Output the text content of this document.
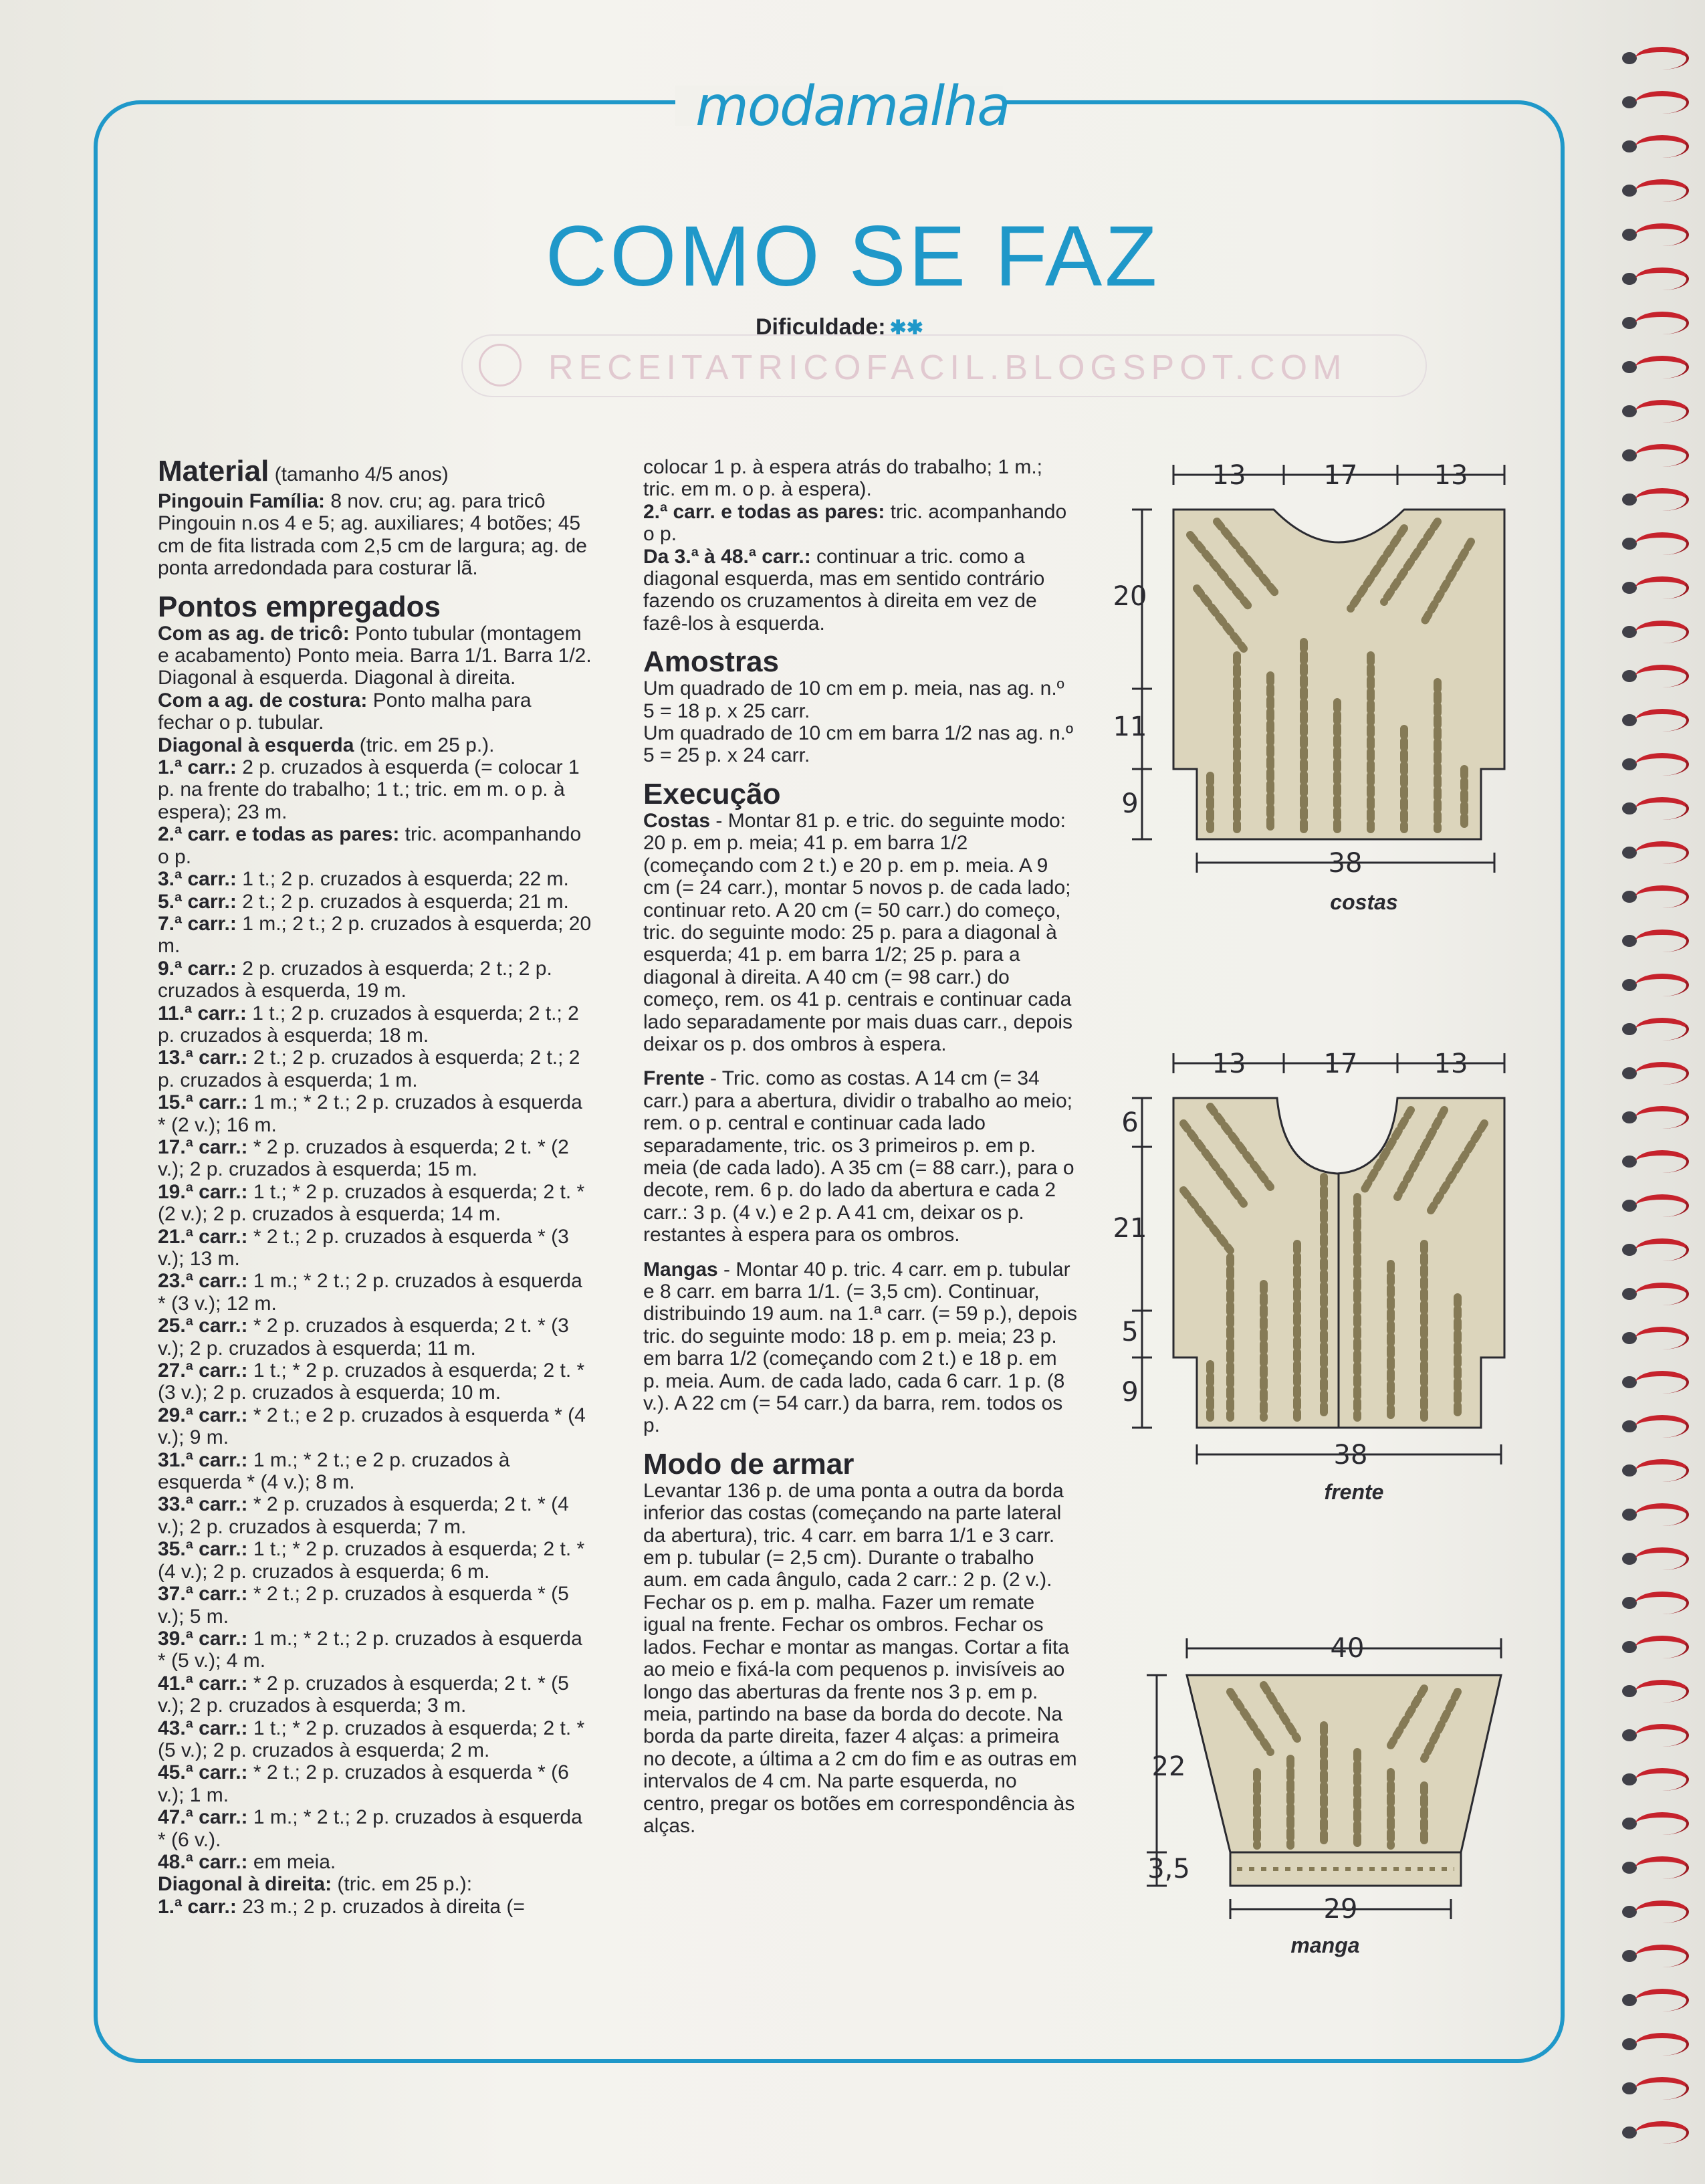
modamalha
COMO SE FAZ
Dificuldade: ✱✱
RECEITATRICOFACIL.BLOGSPOT.COM

Material (tamanho 4/5 anos)

Pingouin Família: 8 nov. cru; ag. para tricô Pingouin n.os 4 e 5; ag. auxiliares; 4 botões; 45 cm de fita listrada com 2,5 cm de largura; ag. de ponta arredondada para costurar lã.

Pontos empregados

Com as ag. de tricô: Ponto tubular (montagem e acabamento) Ponto meia. Barra 1/1. Barra 1/2. Diagonal à esquerda. Diagonal à direita.

Com a ag. de costura: Ponto malha para fechar o p. tubular.

Diagonal à esquerda (tric. em 25 p.).

1.ª carr.: 2 p. cruzados à esquerda (= colocar 1 p. na frente do trabalho; 1 t.; tric. em m. o p. à espera); 23 m.

2.ª carr. e todas as pares: tric. acompanhando o p.

3.ª carr.: 1 t.; 2 p. cruzados à esquerda; 22 m.

5.ª carr.: 2 t.; 2 p. cruzados à esquerda; 21 m.

7.ª carr.: 1 m.; 2 t.; 2 p. cruzados à esquerda; 20 m.

9.ª carr.: 2 p. cruzados à esquerda; 2 t.; 2 p. cruzados à esquerda, 19 m.

11.ª carr.: 1 t.; 2 p. cruzados à esquerda; 2 t.; 2 p. cruzados à esquerda; 18 m.

13.ª carr.: 2 t.; 2 p. cruzados à esquerda; 2 t.; 2 p. cruzados à esquerda; 1 m.

15.ª carr.: 1 m.; * 2 t.; 2 p. cruzados à esquerda * (2 v.); 16 m.

17.ª carr.: * 2 p. cruzados à esquerda; 2 t. * (2 v.); 2 p. cruzados à esquerda; 15 m.

19.ª carr.: 1 t.; * 2 p. cruzados à esquerda; 2 t. * (2 v.); 2 p. cruzados à esquerda; 14 m.

21.ª carr.: * 2 t.; 2 p. cruzados à esquerda * (3 v.); 13 m.

23.ª carr.: 1 m.; * 2 t.; 2 p. cruzados à esquerda * (3 v.); 12 m.

25.ª carr.: * 2 p. cruzados à esquerda; 2 t. * (3 v.); 2 p. cruzados à esquerda; 11 m.

27.ª carr.: 1 t.; * 2 p. cruzados à esquerda; 2 t. * (3 v.); 2 p. cruzados à esquerda; 10 m.

29.ª carr.: * 2 t.; e 2 p. cruzados à esquerda * (4 v.); 9 m.

31.ª carr.: 1 m.; * 2 t.; e 2 p. cruzados à esquerda * (4 v.); 8 m.

33.ª carr.: * 2 p. cruzados à esquerda; 2 t. * (4 v.); 2 p. cruzados à esquerda; 7 m.

35.ª carr.: 1 t.; * 2 p. cruzados à esquerda; 2 t. * (4 v.); 2 p. cruzados à esquerda; 6 m.

37.ª carr.: * 2 t.; 2 p. cruzados à esquerda * (5 v.); 5 m.

39.ª carr.: 1 m.; * 2 t.; 2 p. cruzados à esquerda * (5 v.); 4 m.

41.ª carr.: * 2 p. cruzados à esquerda; 2 t. * (5 v.); 2 p. cruzados à esquerda; 3 m.

43.ª carr.: 1 t.; * 2 p. cruzados à esquerda; 2 t. * (5 v.); 2 p. cruzados à esquerda; 2 m.

45.ª carr.: * 2 t.; 2 p. cruzados à esquerda * (6 v.); 1 m.

47.ª carr.: 1 m.; * 2 t.; 2 p. cruzados à esquerda * (6 v.).

48.ª carr.: em meia.

Diagonal à direita: (tric. em 25 p.):

1.ª carr.: 23 m.; 2 p. cruzados à direita (=

colocar 1 p. à espera atrás do trabalho; 1 m.; tric. em m. o p. à espera).

2.ª carr. e todas as pares: tric. acompanhando o p.

Da 3.ª à 48.ª carr.: continuar a tric. como a diagonal esquerda, mas em sentido contrário fazendo os cruzamentos à direita em vez de fazê-los à esquerda.

Amostras

Um quadrado de 10 cm em p. meia, nas ag. n.º 5 = 18 p. x 25 carr.

Um quadrado de 10 cm em barra 1/2 nas ag. n.º 5 = 25 p. x 24 carr.

Execução

Costas - Montar 81 p. e tric. do seguinte modo: 20 p. em p. meia; 41 p. em barra 1/2 (começando com 2 t.) e 20 p. em p. meia. A 9 cm (= 24 carr.), montar 5 novos p. de cada lado; continuar reto. A 20 cm (= 50 carr.) do começo, tric. do seguinte modo: 25 p. para a diagonal à esquerda; 41 p. em barra 1/2; 25 p. para a diagonal à direita. A 40 cm (= 98 carr.) do começo, rem. os 41 p. centrais e continuar cada lado separadamente por mais duas carr., depois deixar os p. dos ombros à espera.

Frente - Tric. como as costas. A 14 cm (= 34 carr.) para a abertura, dividir o trabalho ao meio; rem. o p. central e continuar cada lado separadamente, tric. os 3 primeiros p. em p. meia (de cada lado). A 35 cm (= 88 carr.), para o decote, rem. 6 p. do lado da abertura e cada 2 carr.: 3 p. (4 v.) e 2 p. A 41 cm, deixar os p. restantes à espera para os ombros.

Mangas - Montar 40 p. tric. 4 carr. em p. tubular e 8 carr. em barra 1/1. (= 3,5 cm). Continuar, distribuindo 19 aum. na 1.ª carr. (= 59 p.), depois tric. do seguinte modo: 18 p. em p. meia; 23 p. em barra 1/2 (começando com 2 t.) e 18 p. em p. meia. Aum. de cada lado, cada 6 carr. 1 p. (8 v.). A 22 cm (= 54 carr.) da barra, rem. todos os p.

Modo de armar

Levantar 136 p. de uma ponta a outra da borda inferior das costas (começando na parte lateral da abertura), tric. 4 carr. em barra 1/1 e 3 carr. em p. tubular (= 2,5 cm). Durante o trabalho aum. em cada ângulo, cada 2 carr.: 2 p. (2 v.). Fechar os p. em p. malha. Fazer um remate igual na frente. Fechar os ombros. Fechar os lados. Fechar e montar as mangas. Cortar a fita ao meio e fixá-la com pequenos p. invisíveis ao longo das aberturas da frente nos 3 p. em p. meia, partindo na base da borda do decote. Na borda da parte direita, fazer 4 alças: a primeira no decote, a última a 2 cm do fim e as outras em intervalos de 4 cm. Na parte esquerda, no centro, pregar os botões em correspondência às alças.

13	17	13
20
11
9
38
costas
13	17	13
6
21
5
9
38
frente
40
22
3,5
29
manga
